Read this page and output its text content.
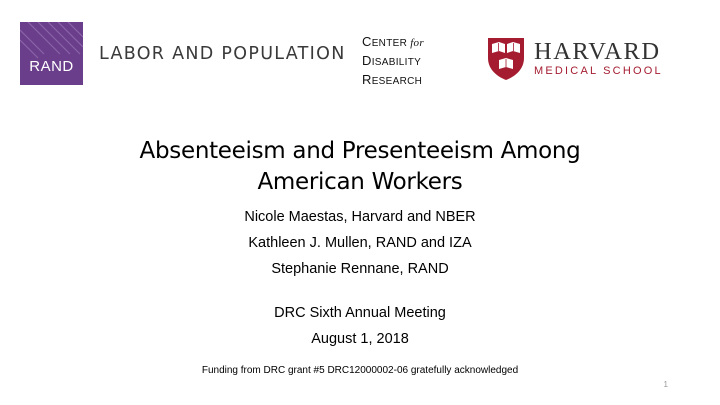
RAND
LABOR AND POPULATION
CENTER for
DISABILITY
RESEARCH
HARVARD
MEDICAL SCHOOL
Absenteeism and Presenteeism Among
American Workers
Nicole Maestas, Harvard and NBER
Kathleen J. Mullen, RAND and IZA
Stephanie Rennane, RAND
DRC Sixth Annual Meeting
August 1, 2018
Funding from DRC grant #5 DRC12000002-06 gratefully acknowledged
1
